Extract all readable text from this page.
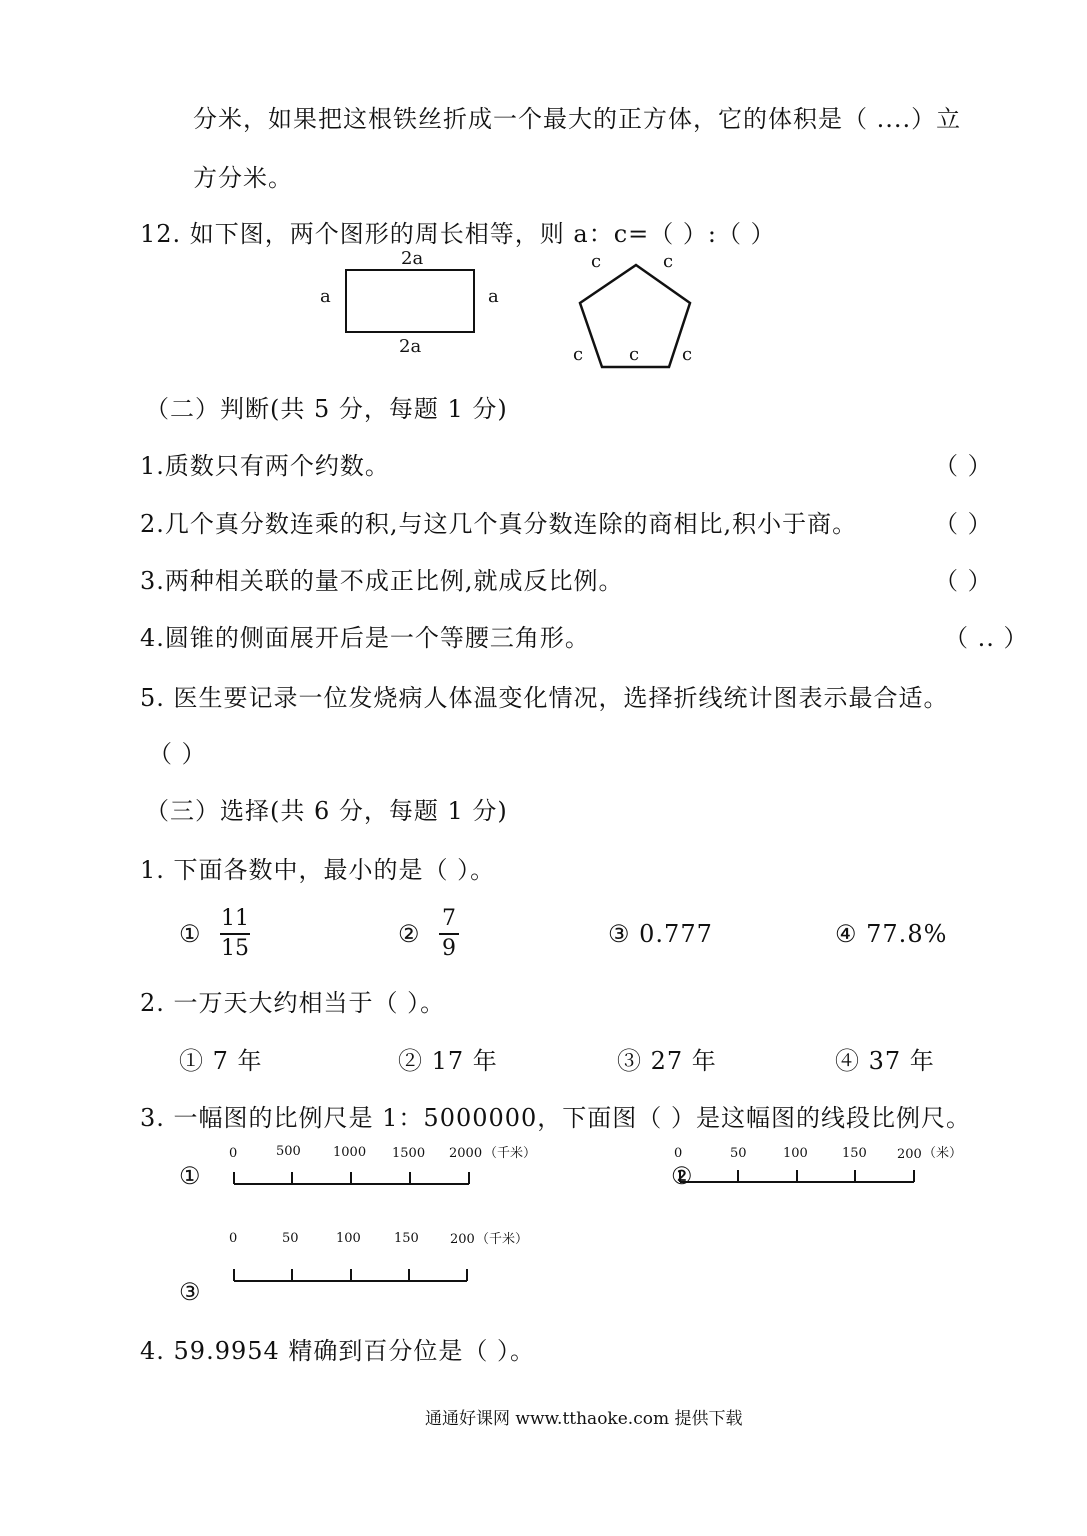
分米，如果把这根铁丝折成一个最大的正方体，它的体积是（ ....）立
方分米。
12. 如下图，两个图形的周长相等，则 a：c=（ ）:（ ）
2a
2a
a	a
c	c
c	c c
（二）判断(共 5 分，每题 1 分)
1.质数只有两个约数。	（ ）
2.几个真分数连乘的积,与这几个真分数连除的商相比,积小于商。	（ ）
3.两种相关联的量不成正比例,就成反比例。	（ ）
4.圆锥的侧面展开后是一个等腰三角形。	（ .. ）
5. 医生要记录一位发烧病人体温变化情况，选择折线统计图表示最合适。
（ ）
（三）选择(共 6 分，每题 1 分)
1. 下面各数中，最小的是（ ）。
①
11
15
②
7
9
③ 0.777	④ 77.8%
2. 一万天大约相当于（ ）。
① 7 年	② 17 年	③ 27 年	④ 37 年
3. 一幅图的比例尺是 1：5000000，下面图（ ）是这幅图的线段比例尺。
①
0	500 1000 1500 2000 （千米）
②
0	50	100	150 200 （米）
③
0	50	100	150 200 （千米）
4. 59.9954 精确到百分位是（ ）。
通通好课网 www.tthaoke.com 提供下载
